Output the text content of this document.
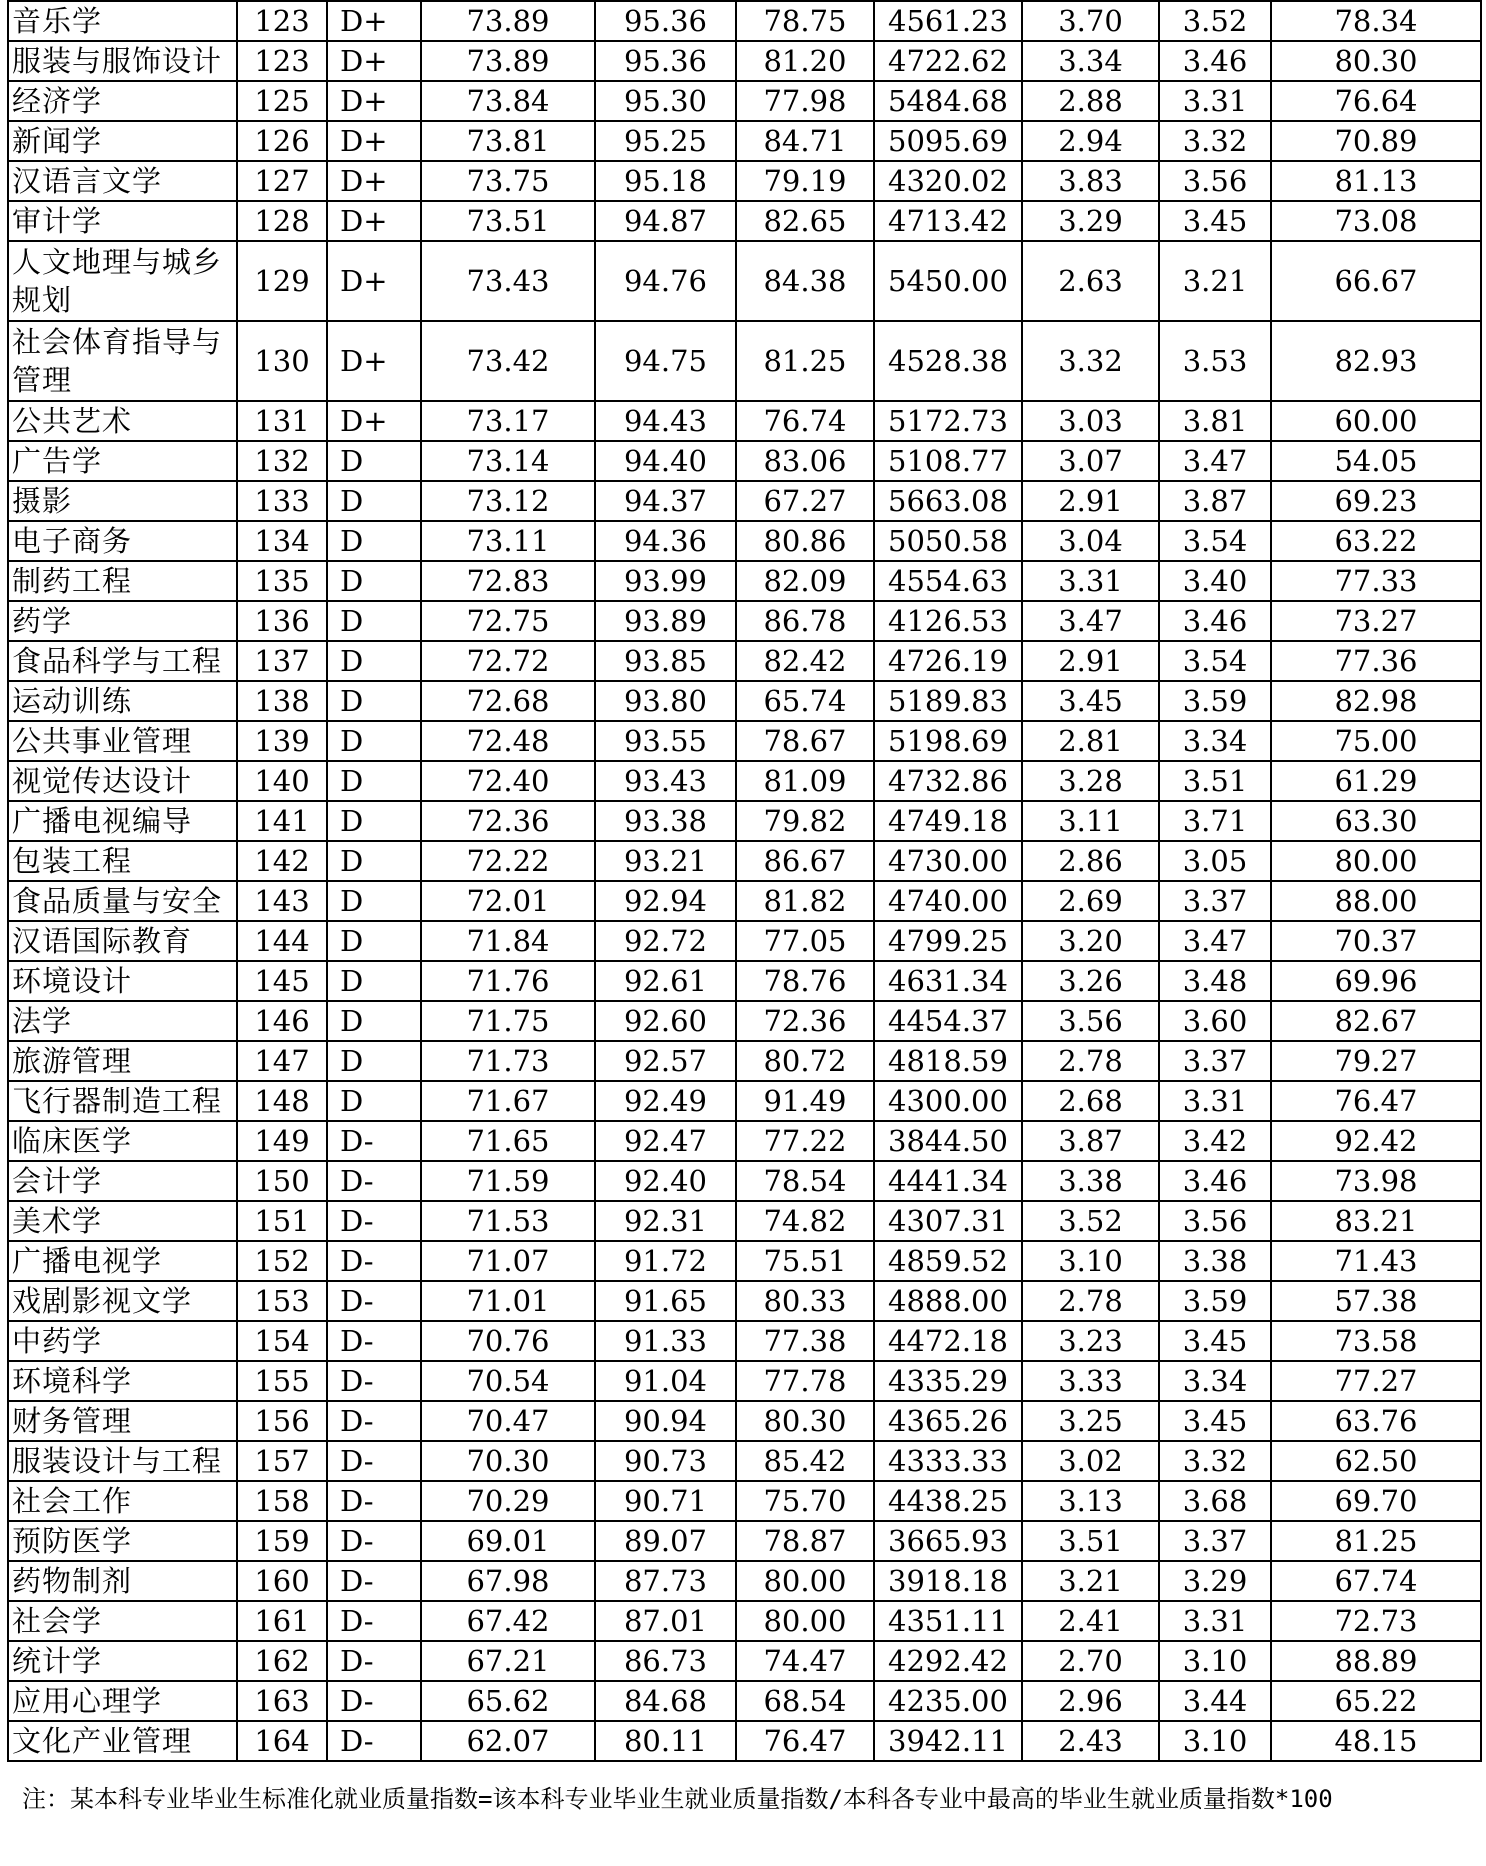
音乐学	123	D+	73.89	95.36	78.75	4561.23	3.70	3.52	78.34
服装与服饰设计	123	D+	73.89	95.36	81.20	4722.62	3.34	3.46	80.30
经济学	125	D+	73.84	95.30	77.98	5484.68	2.88	3.31	76.64
新闻学	126	D+	73.81	95.25	84.71	5095.69	2.94	3.32	70.89
汉语言文学	127	D+	73.75	95.18	79.19	4320.02	3.83	3.56	81.13
审计学	128	D+	73.51	94.87	82.65	4713.42	3.29	3.45	73.08
人文地理与城乡规划	129	D+	73.43	94.76	84.38	5450.00	2.63	3.21	66.67
社会体育指导与管理	130	D+	73.42	94.75	81.25	4528.38	3.32	3.53	82.93
公共艺术	131	D+	73.17	94.43	76.74	5172.73	3.03	3.81	60.00
广告学	132	D	73.14	94.40	83.06	5108.77	3.07	3.47	54.05
摄影	133	D	73.12	94.37	67.27	5663.08	2.91	3.87	69.23
电子商务	134	D	73.11	94.36	80.86	5050.58	3.04	3.54	63.22
制药工程	135	D	72.83	93.99	82.09	4554.63	3.31	3.40	77.33
药学	136	D	72.75	93.89	86.78	4126.53	3.47	3.46	73.27
食品科学与工程	137	D	72.72	93.85	82.42	4726.19	2.91	3.54	77.36
运动训练	138	D	72.68	93.80	65.74	5189.83	3.45	3.59	82.98
公共事业管理	139	D	72.48	93.55	78.67	5198.69	2.81	3.34	75.00
视觉传达设计	140	D	72.40	93.43	81.09	4732.86	3.28	3.51	61.29
广播电视编导	141	D	72.36	93.38	79.82	4749.18	3.11	3.71	63.30
包装工程	142	D	72.22	93.21	86.67	4730.00	2.86	3.05	80.00
食品质量与安全	143	D	72.01	92.94	81.82	4740.00	2.69	3.37	88.00
汉语国际教育	144	D	71.84	92.72	77.05	4799.25	3.20	3.47	70.37
环境设计	145	D	71.76	92.61	78.76	4631.34	3.26	3.48	69.96
法学	146	D	71.75	92.60	72.36	4454.37	3.56	3.60	82.67
旅游管理	147	D	71.73	92.57	80.72	4818.59	2.78	3.37	79.27
飞行器制造工程	148	D	71.67	92.49	91.49	4300.00	2.68	3.31	76.47
临床医学	149	D-	71.65	92.47	77.22	3844.50	3.87	3.42	92.42
会计学	150	D-	71.59	92.40	78.54	4441.34	3.38	3.46	73.98
美术学	151	D-	71.53	92.31	74.82	4307.31	3.52	3.56	83.21
广播电视学	152	D-	71.07	91.72	75.51	4859.52	3.10	3.38	71.43
戏剧影视文学	153	D-	71.01	91.65	80.33	4888.00	2.78	3.59	57.38
中药学	154	D-	70.76	91.33	77.38	4472.18	3.23	3.45	73.58
环境科学	155	D-	70.54	91.04	77.78	4335.29	3.33	3.34	77.27
财务管理	156	D-	70.47	90.94	80.30	4365.26	3.25	3.45	63.76
服装设计与工程	157	D-	70.30	90.73	85.42	4333.33	3.02	3.32	62.50
社会工作	158	D-	70.29	90.71	75.70	4438.25	3.13	3.68	69.70
预防医学	159	D-	69.01	89.07	78.87	3665.93	3.51	3.37	81.25
药物制剂	160	D-	67.98	87.73	80.00	3918.18	3.21	3.29	67.74
社会学	161	D-	67.42	87.01	80.00	4351.11	2.41	3.31	72.73
统计学	162	D-	67.21	86.73	74.47	4292.42	2.70	3.10	88.89
应用心理学	163	D-	65.62	84.68	68.54	4235.00	2.96	3.44	65.22
文化产业管理	164	D-	62.07	80.11	76.47	3942.11	2.43	3.10	48.15
注：某本科专业毕业生标准化就业质量指数=该本科专业毕业生就业质量指数/本科各专业中最高的毕业生就业质量指数*100
